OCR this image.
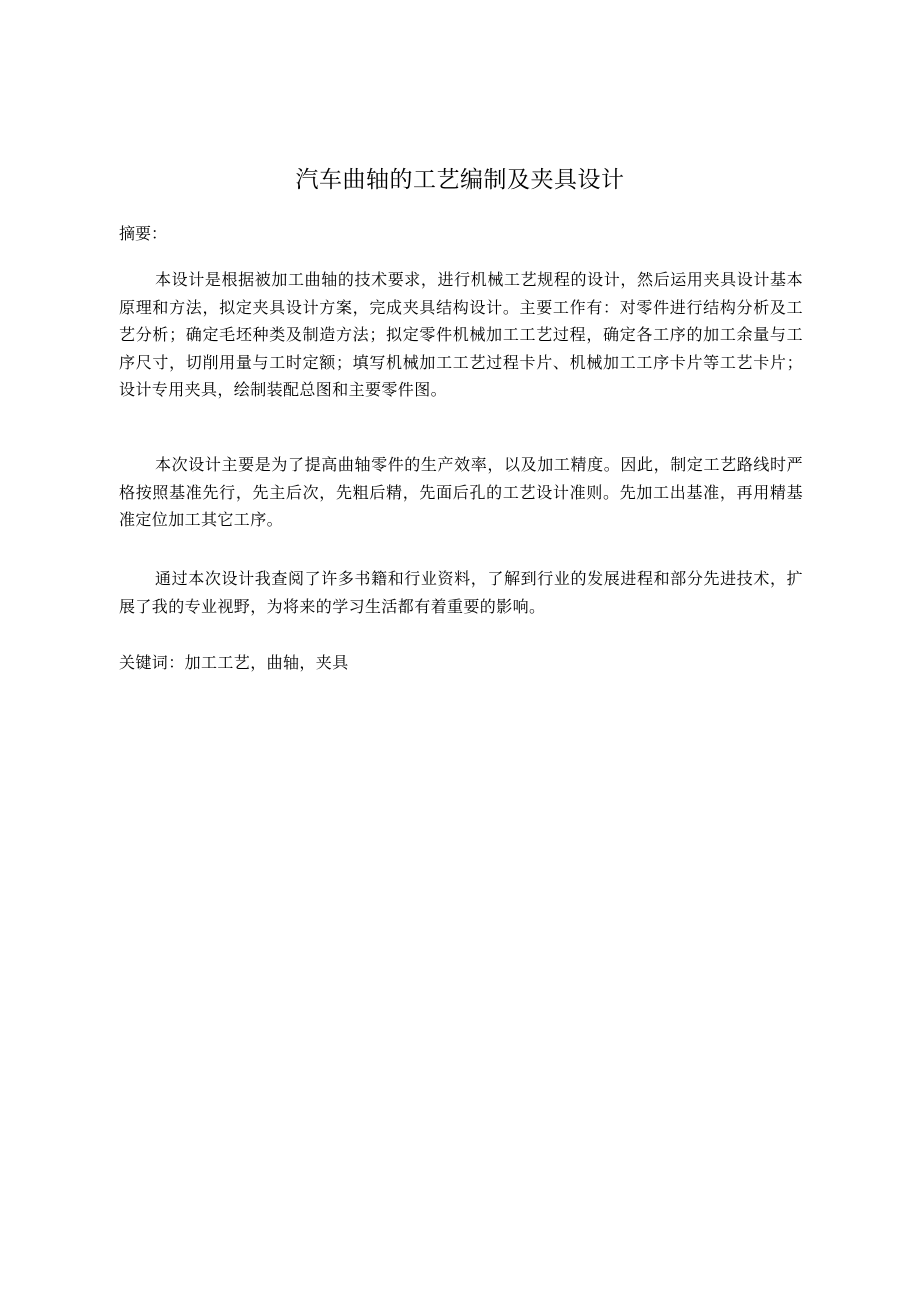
汽车曲轴的工艺编制及夹具设计
摘要：

本设计是根据被加工曲轴的技术要求，进行机械工艺规程的设计，然后运用夹具设计基本原理和方法，拟定夹具设计方案，完成夹具结构设计。主要工作有：对零件进行结构分析及工艺分析；确定毛坯种类及制造方法；拟定零件机械加工工艺过程，确定各工序的加工余量与工序尺寸，切削用量与工时定额；填写机械加工工艺过程卡片、机械加工工序卡片等工艺卡片；设计专用夹具，绘制装配总图和主要零件图。

本次设计主要是为了提高曲轴零件的生产效率，以及加工精度。因此，制定工艺路线时严格按照基准先行，先主后次，先粗后精，先面后孔的工艺设计准则。先加工出基准，再用精基准定位加工其它工序。

通过本次设计我查阅了许多书籍和行业资料，了解到行业的发展进程和部分先进技术，扩展了我的专业视野，为将来的学习生活都有着重要的影响。

关键词：加工工艺，曲轴，夹具
